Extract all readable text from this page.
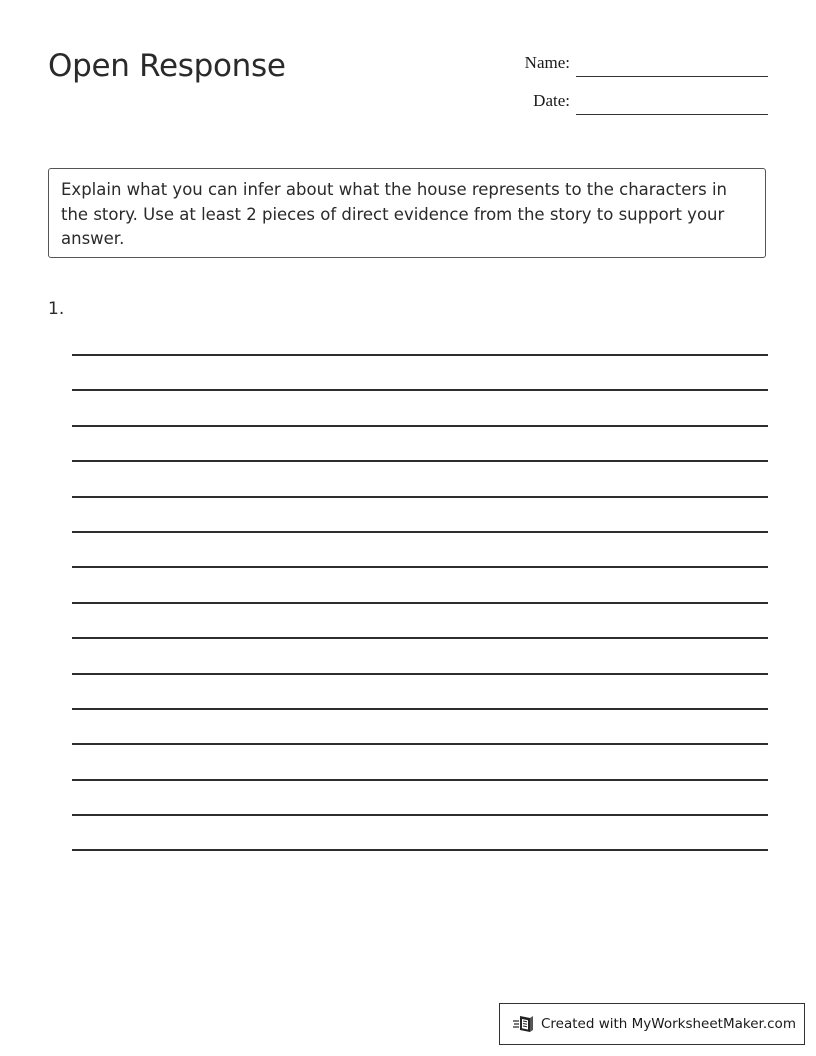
Open Response	Name:
Date:
Explain what you can infer about what the house represents to the characters in the story. Use at least 2 pieces of direct evidence from the story to support your answer.
1.
Created with MyWorksheetMaker.com
